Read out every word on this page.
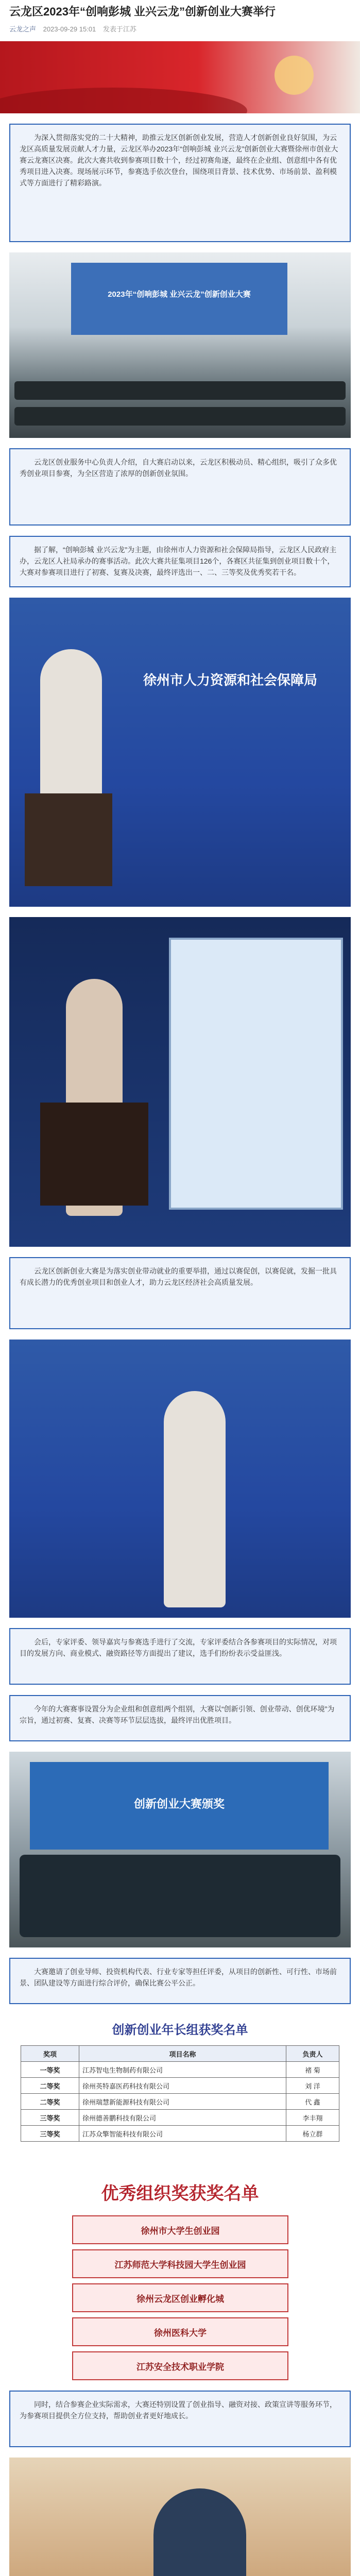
云龙区2023年“创响彭城 业兴云龙”创新创业大赛举行
云龙之声 2023-09-29 15:01 发表于江苏

为深入贯彻落实党的二十大精神，助推云龙区创新创业发展，营造人才创新创业良好氛围，为云龙区高质量发展贡献人才力量，云龙区举办2023年“创响彭城 业兴云龙”创新创业大赛暨徐州市创业大赛云龙赛区决赛。此次大赛共收到参赛项目数十个，经过初赛角逐，最终在企业组、创意组中各有优秀项目进入决赛。现场展示环节，参赛选手依次登台，围绕项目背景、技术优势、市场前景、盈利模式等方面进行了精彩路演。

2023年“创响彭城 业兴云龙”创新创业大赛

云龙区创业服务中心负责人介绍，自大赛启动以来，云龙区积极动员、精心组织，吸引了众多优秀创业项目参赛，为全区营造了浓厚的创新创业氛围。

据了解，“创响彭城 业兴云龙”为主题，由徐州市人力资源和社会保障局指导，云龙区人民政府主办，云龙区人社局承办的赛事活动。此次大赛共征集项目126个，各赛区共征集到创业项目数十个，大赛对参赛项目进行了初赛、复赛及决赛，最终评选出一、二、三等奖及优秀奖若干名。

徐州市人力资源和社会保障局

云龙区创新创业大赛是为落实创业带动就业的重要举措，通过以赛促创，以赛促就，发掘一批具有成长潜力的优秀创业项目和创业人才，助力云龙区经济社会高质量发展。

会后，专家评委、领导嘉宾与参赛选手进行了交流，专家评委结合各参赛项目的实际情况，对项目的发展方向、商业模式、融资路径等方面提出了建议，选手们纷纷表示受益匪浅。

今年的大赛赛事设置分为企业组和创意组两个组别，大赛以“创新引领、创业带动、创优环境”为宗旨，通过初赛、复赛、决赛等环节层层选拔，最终评出优胜项目。

创新创业大赛颁奖

大赛邀请了创业导师、投资机构代表、行业专家等担任评委，从项目的创新性、可行性、市场前景、团队建设等方面进行综合评价，确保比赛公平公正。

创新创业年长组获奖名单
奖项	项目名称	负责人
一等奖	江苏智电生物制药有限公司	褚 菊
二等奖	徐州英特嘉医药科技有限公司	刘 洋
二等奖	徐州瑞慧新能源科技有限公司	代 鑫
三等奖	徐州德善鹏科技有限公司	李丰翔
三等奖	江苏众擎智能科技有限公司	杨立群
优秀组织奖获奖名单
徐州市大学生创业园
江苏师范大学科技园大学生创业园
徐州云龙区创业孵化城
徐州医科大学
江苏安全技术职业学院

同时，结合参赛企业实际需求，大赛还特别设置了创业指导、融资对接、政策宣讲等服务环节，为参赛项目提供全方位支持，帮助创业者更好地成长。
